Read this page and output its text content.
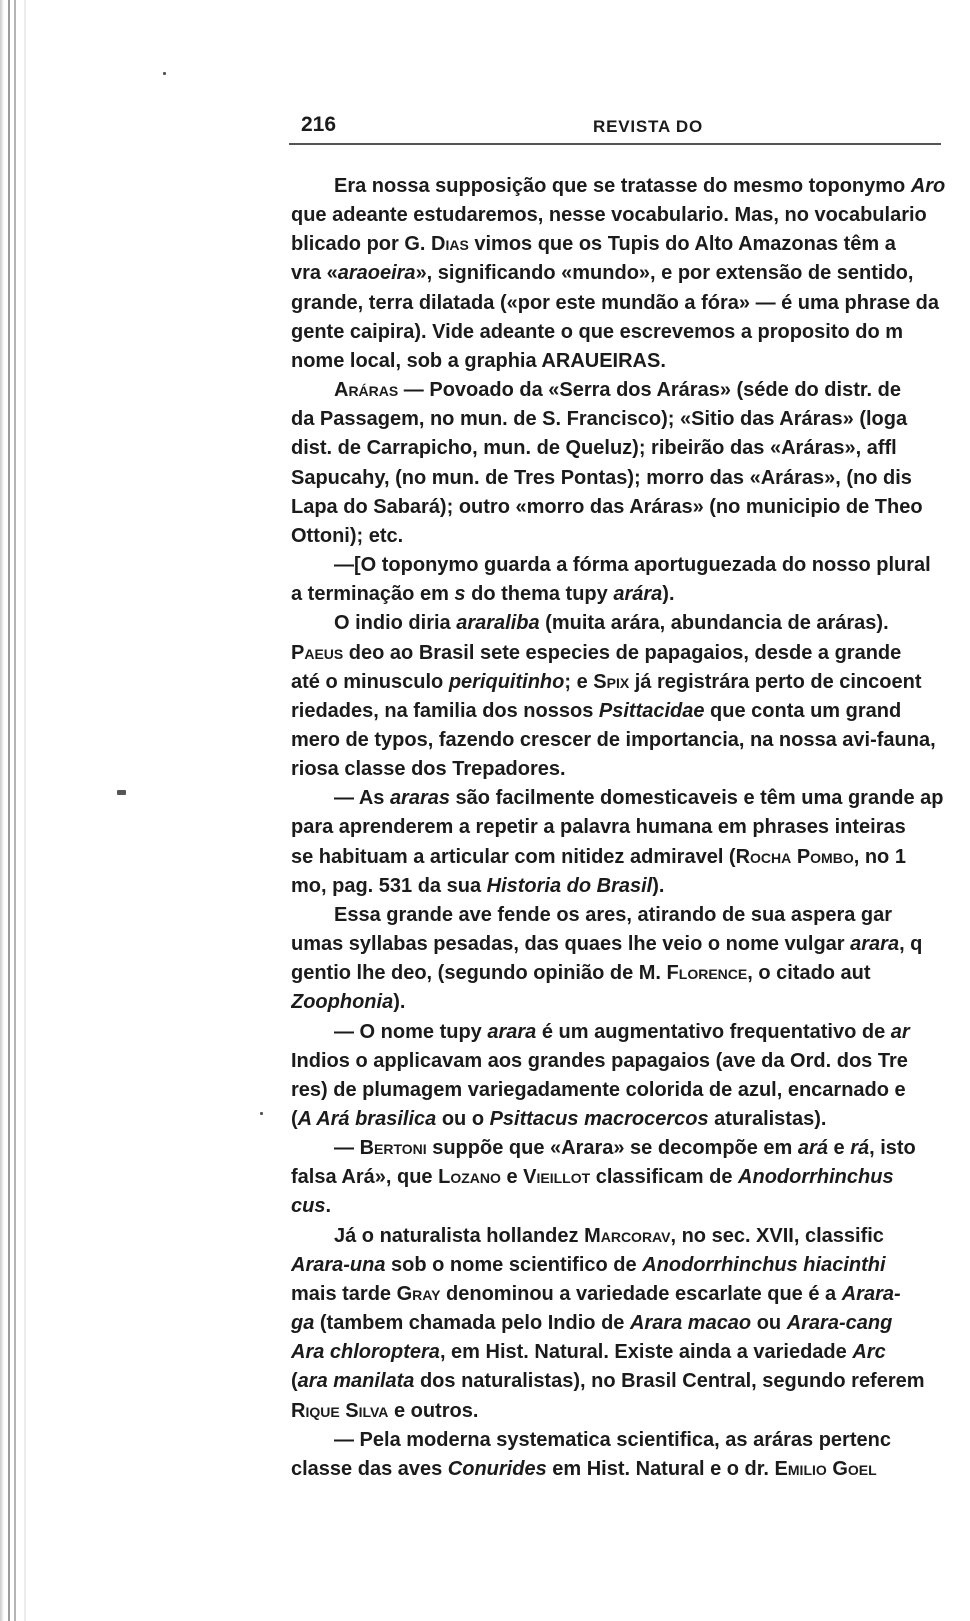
216	REVISTA DO
Era nossa supposição que se tratasse do mesmo toponymo Aro
que adeante estudaremos, nesse vocabulario. Mas, no vocabulario
blicado por G. Dias vimos que os Tupis do Alto Amazonas têm a
vra «araoeira», significando «mundo», e por extensão de sentido,
grande, terra dilatada («por este mundão a fóra» — é uma phrase da
gente caipira). Vide adeante o que escrevemos a proposito do m
nome local, sob a graphia ARAUEIRAS.
Aráras — Povoado da «Serra dos Aráras» (séde do distr. de
da Passagem, no mun. de S. Francisco); «Sitio das Aráras» (loga
dist. de Carrapicho, mun. de Queluz); ribeirão das «Aráras», affl
Sapucahy, (no mun. de Tres Pontas); morro das «Aráras», (no dis
Lapa do Sabará); outro «morro das Aráras» (no municipio de Theo
Ottoni); etc.
—[O toponymo guarda a fórma aportuguezada do nosso plural
a terminação em s do thema tupy arára).
O indio diria araraliba (muita arára, abundancia de aráras).
Paeus deo ao Brasil sete especies de papagaios, desde a grande
até o minusculo periquitinho; e Spix já registrára perto de cincoent
riedades, na familia dos nossos Psittacidae que conta um grand
mero de typos, fazendo crescer de importancia, na nossa avi-fauna,
riosa classe dos Trepadores.
— As araras são facilmente domesticaveis e têm uma grande ap
para aprenderem a repetir a palavra humana em phrases inteiras
se habituam a articular com nitidez admiravel (Rocha Pombo, no 1
mo, pag. 531 da sua Historia do Brasil).
Essa grande ave fende os ares, atirando de sua aspera gar
umas syllabas pesadas, das quaes lhe veio o nome vulgar arara, q
gentio lhe deo, (segundo opinião de M. Florence, o citado aut
Zoophonia).
— O nome tupy arara é um augmentativo frequentativo de ar
Indios o applicavam aos grandes papagaios (ave da Ord. dos Tre
res) de plumagem variegadamente colorida de azul, encarnado e
(A Ará brasilica ou o Psittacus macrocercos aturalistas).
— Bertoni suppõe que «Arara» se decompõe em ará e rá, isto
falsa Ará», que Lozano e Vieillot classificam de Anodorrhinchus
cus.
Já o naturalista hollandez Marcorav, no sec. XVII, classific
Arara-una sob o nome scientifico de Anodorrhinchus hiacinthi
mais tarde Gray denominou a variedade escarlate que é a Arara-
ga (tambem chamada pelo Indio de Arara macao ou Arara-cang
Ara chloroptera, em Hist. Natural. Existe ainda a variedade Arc
(ara manilata dos naturalistas), no Brasil Central, segundo referem
Rique Silva e outros.
— Pela moderna systematica scientifica, as aráras pertenc
classe das aves Conurides em Hist. Natural e o dr. Emilio Goel
